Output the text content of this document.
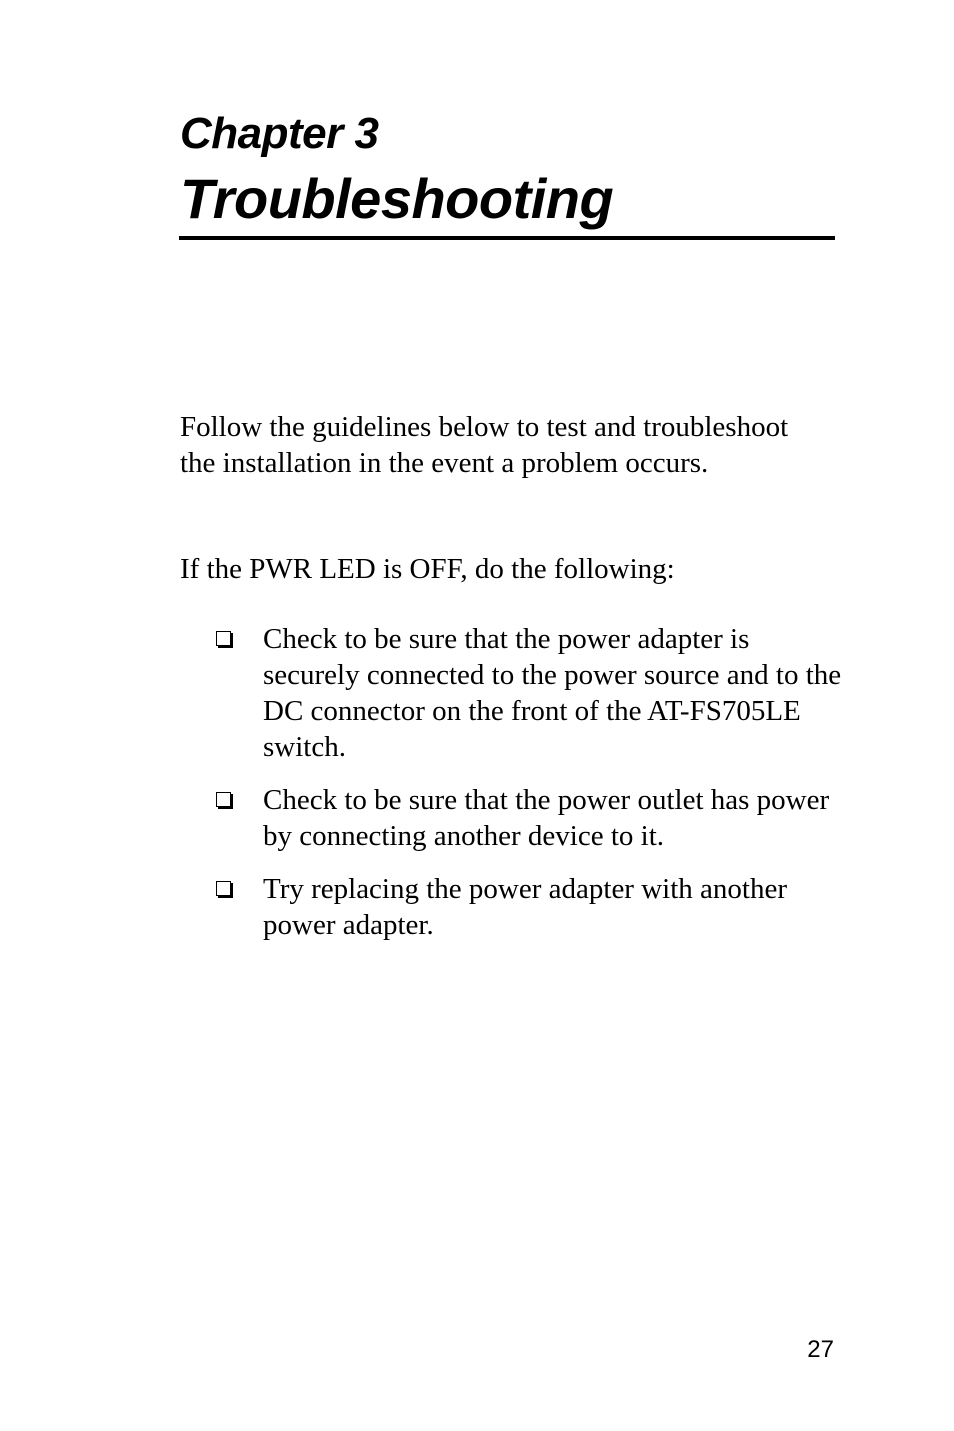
Chapter 3
Troubleshooting

Follow the guidelines below to test and troubleshoot the installation in the event a problem occurs.

If the PWR LED is OFF, do the following:

Check to be sure that the power adapter is securely connected to the power source and to the DC connector on the front of the AT-FS705LE switch.
Check to be sure that the power outlet has power by connecting another device to it.
Try replacing the power adapter with another power adapter.
27
